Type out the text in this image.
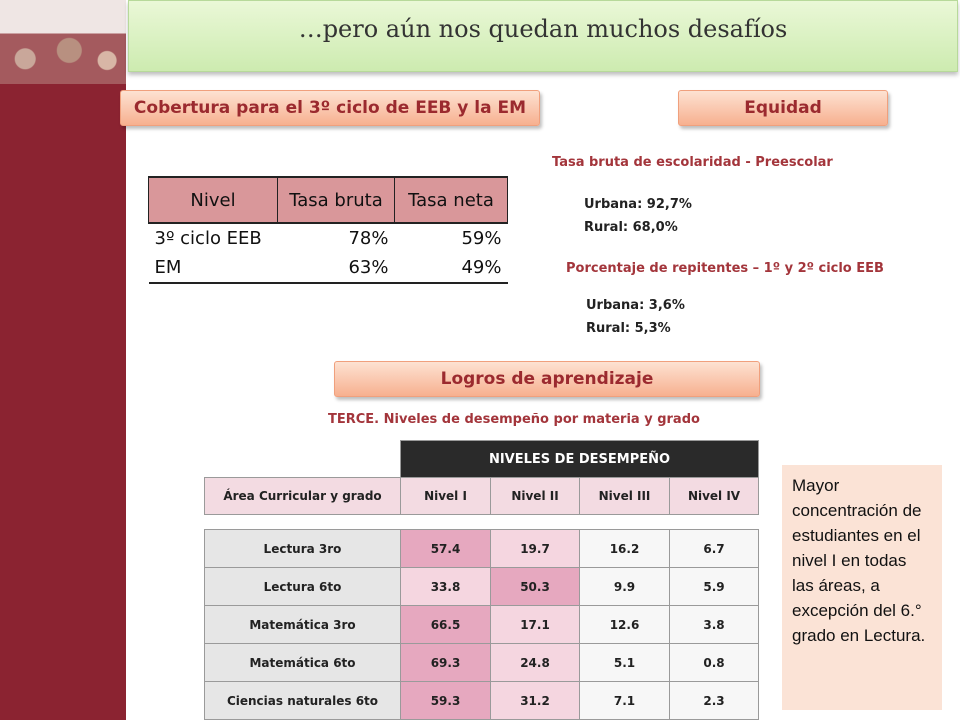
…pero aún nos quedan muchos desafíos
Cobertura para el 3º ciclo de EEB y la EM	Equidad
Nivel	Tasa bruta	Tasa neta
3º ciclo EEB	78%	59%
EM	63%	49%
Tasa bruta de escolaridad - Preescolar
Urbana: 92,7%
Rural: 68,0%
Porcentaje de repitentes – 1º y 2º ciclo EEB
Urbana: 3,6%
Rural: 5,3%
Logros de aprendizaje
TERCE. Niveles de desempeño por materia y grado
	NIVELES DE DESEMPEÑO			
Área Curricular y grado	Nivel I	Nivel II	Nivel III	Nivel IV

Lectura 3ro	57.4	19.7	16.2	6.7
Lectura 6to	33.8	50.3	9.9	5.9
Matemática 3ro	66.5	17.1	12.6	3.8
Matemática 6to	69.3	24.8	5.1	0.8
Ciencias naturales 6to	59.3	31.2	7.1	2.3
Mayor concentración de estudiantes en el nivel I en todas las áreas, a excepción del 6.° grado en Lectura.
